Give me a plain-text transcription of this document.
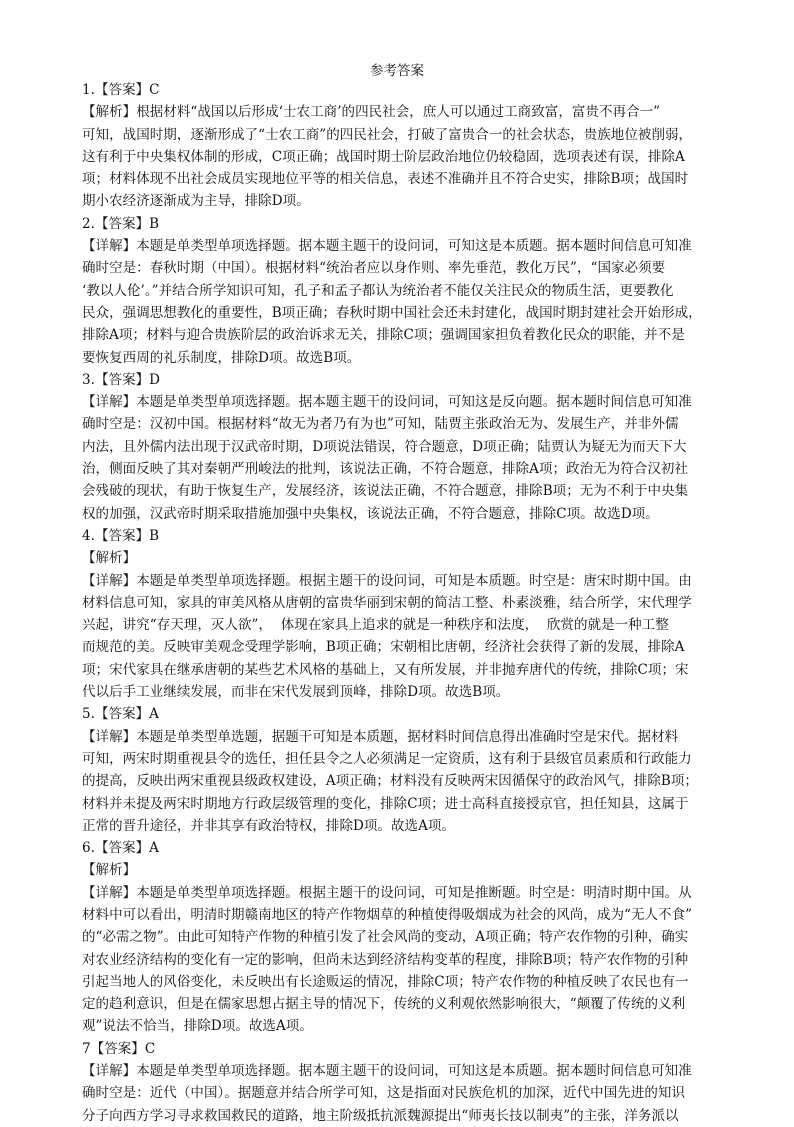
参考答案
1.【答案】C
【解析】根据材料“战国以后形成‘士农工商’的四民社会，庶人可以通过工商致富，富贵不再合一”
可知，战国时期，逐渐形成了“士农工商”的四民社会，打破了富贵合一的社会状态，贵族地位被削弱，
这有利于中央集权体制的形成，C项正确；战国时期士阶层政治地位仍较稳固，选项表述有误，排除A
项；材料体现不出社会成员实现地位平等的相关信息，表述不准确并且不符合史实，排除B项；战国时
期小农经济逐渐成为主导，排除D项。
2.【答案】B
【详解】本题是单类型单项选择题。据本题主题干的设问词，可知这是本质题。据本题时间信息可知准
确时空是：春秋时期（中国）。根据材料“统治者应以身作则、率先垂范，教化万民”，“国家必须要
‘教以人伦’。”并结合所学知识可知，孔子和孟子都认为统治者不能仅关注民众的物质生活，更要教化
民众，强调思想教化的重要性，B项正确；春秋时期中国社会还未封建化，战国时期封建社会开始形成，
排除A项；材料与迎合贵族阶层的政治诉求无关，排除C项；强调国家担负着教化民众的职能，并不是
要恢复西周的礼乐制度，排除D项。故选B项。
3.【答案】D
【详解】本题是单类型单项选择题。据本题主题干的设问词，可知这是反向题。据本题时间信息可知准
确时空是：汉初中国。根据材料“故无为者乃有为也”可知，陆贾主张政治无为、发展生产，并非外儒
内法，且外儒内法出现于汉武帝时期，D项说法错误，符合题意，D项正确；陆贾认为疑无为而天下大
治，侧面反映了其对秦朝严刑峻法的批判，该说法正确，不符合题意，排除A项；政治无为符合汉初社
会残破的现状，有助于恢复生产，发展经济，该说法正确，不符合题意，排除B项；无为不利于中央集
权的加强，汉武帝时期采取措施加强中央集权，该说法正确，不符合题意，排除C项。故选D项。
4.【答案】B
【解析】
【详解】本题是单类型单项选择题。根据主题干的设问词，可知是本质题。时空是：唐宋时期中国。由
材料信息可知，家具的审美风格从唐朝的富贵华丽到宋朝的简洁工整、朴素淡雅，结合所学，宋代理学
兴起，讲究“存天理，灭人欲”，  体现在家具上追求的就是一种秩序和法度，  欣赏的就是一种工整
而规范的美。反映审美观念受理学影响，B项正确；宋朝相比唐朝，经济社会获得了新的发展，排除A
项；宋代家具在继承唐朝的某些艺术风格的基础上，又有所发展，并非抛弃唐代的传统，排除C项；宋
代以后手工业继续发展，而非在宋代发展到顶峰，排除D项。故选B项。
5.【答案】A
【详解】本题是单类型单选题，据题干可知是本质题，据材料时间信息得出准确时空是宋代。据材料
可知，两宋时期重视县令的选任，担任县令之人必须满足一定资质，这有利于县级官员素质和行政能力
的提高，反映出两宋重视县级政权建设，A项正确；材料没有反映两宋因循保守的政治风气，排除B项；
材料并未提及两宋时期地方行政层级管理的变化，排除C项；进士高科直接授京官，担任知县，这属于
正常的晋升途径，并非其享有政治特权，排除D项。故选A项。
6.【答案】A
【解析】
【详解】本题是单类型单项选择题。根据主题干的设问词，可知是推断题。时空是：明清时期中国。从
材料中可以看出，明清时期赣南地区的特产作物烟草的种植使得吸烟成为社会的风尚，成为“无人不食”
的“必需之物”。由此可知特产作物的种植引发了社会风尚的变动，A项正确；特产农作物的引种，确实
对农业经济结构的变化有一定的影响，但尚未达到经济结构变革的程度，排除B项；特产农作物的引种
引起当地人的风俗变化，未反映出有长途贩运的情况，排除C项；特产农作物的种植反映了农民也有一
定的趋利意识，但是在儒家思想占据主导的情况下，传统的义利观依然影响很大，“颠覆了传统的义利
观”说法不恰当，排除D项。故选A项。
7【答案】C
【详解】本题是单类型单项选择题。据本题主题干的设问词，可知这是本质题。据本题时间信息可知准
确时空是：近代（中国）。据题意并结合所学可知，这是指面对民族危机的加深，近代中国先进的知识
分子向西方学习寻求救国救民的道路，地主阶级抵抗派魏源提出“师夷长技以制夷”的主张，洋务派以
